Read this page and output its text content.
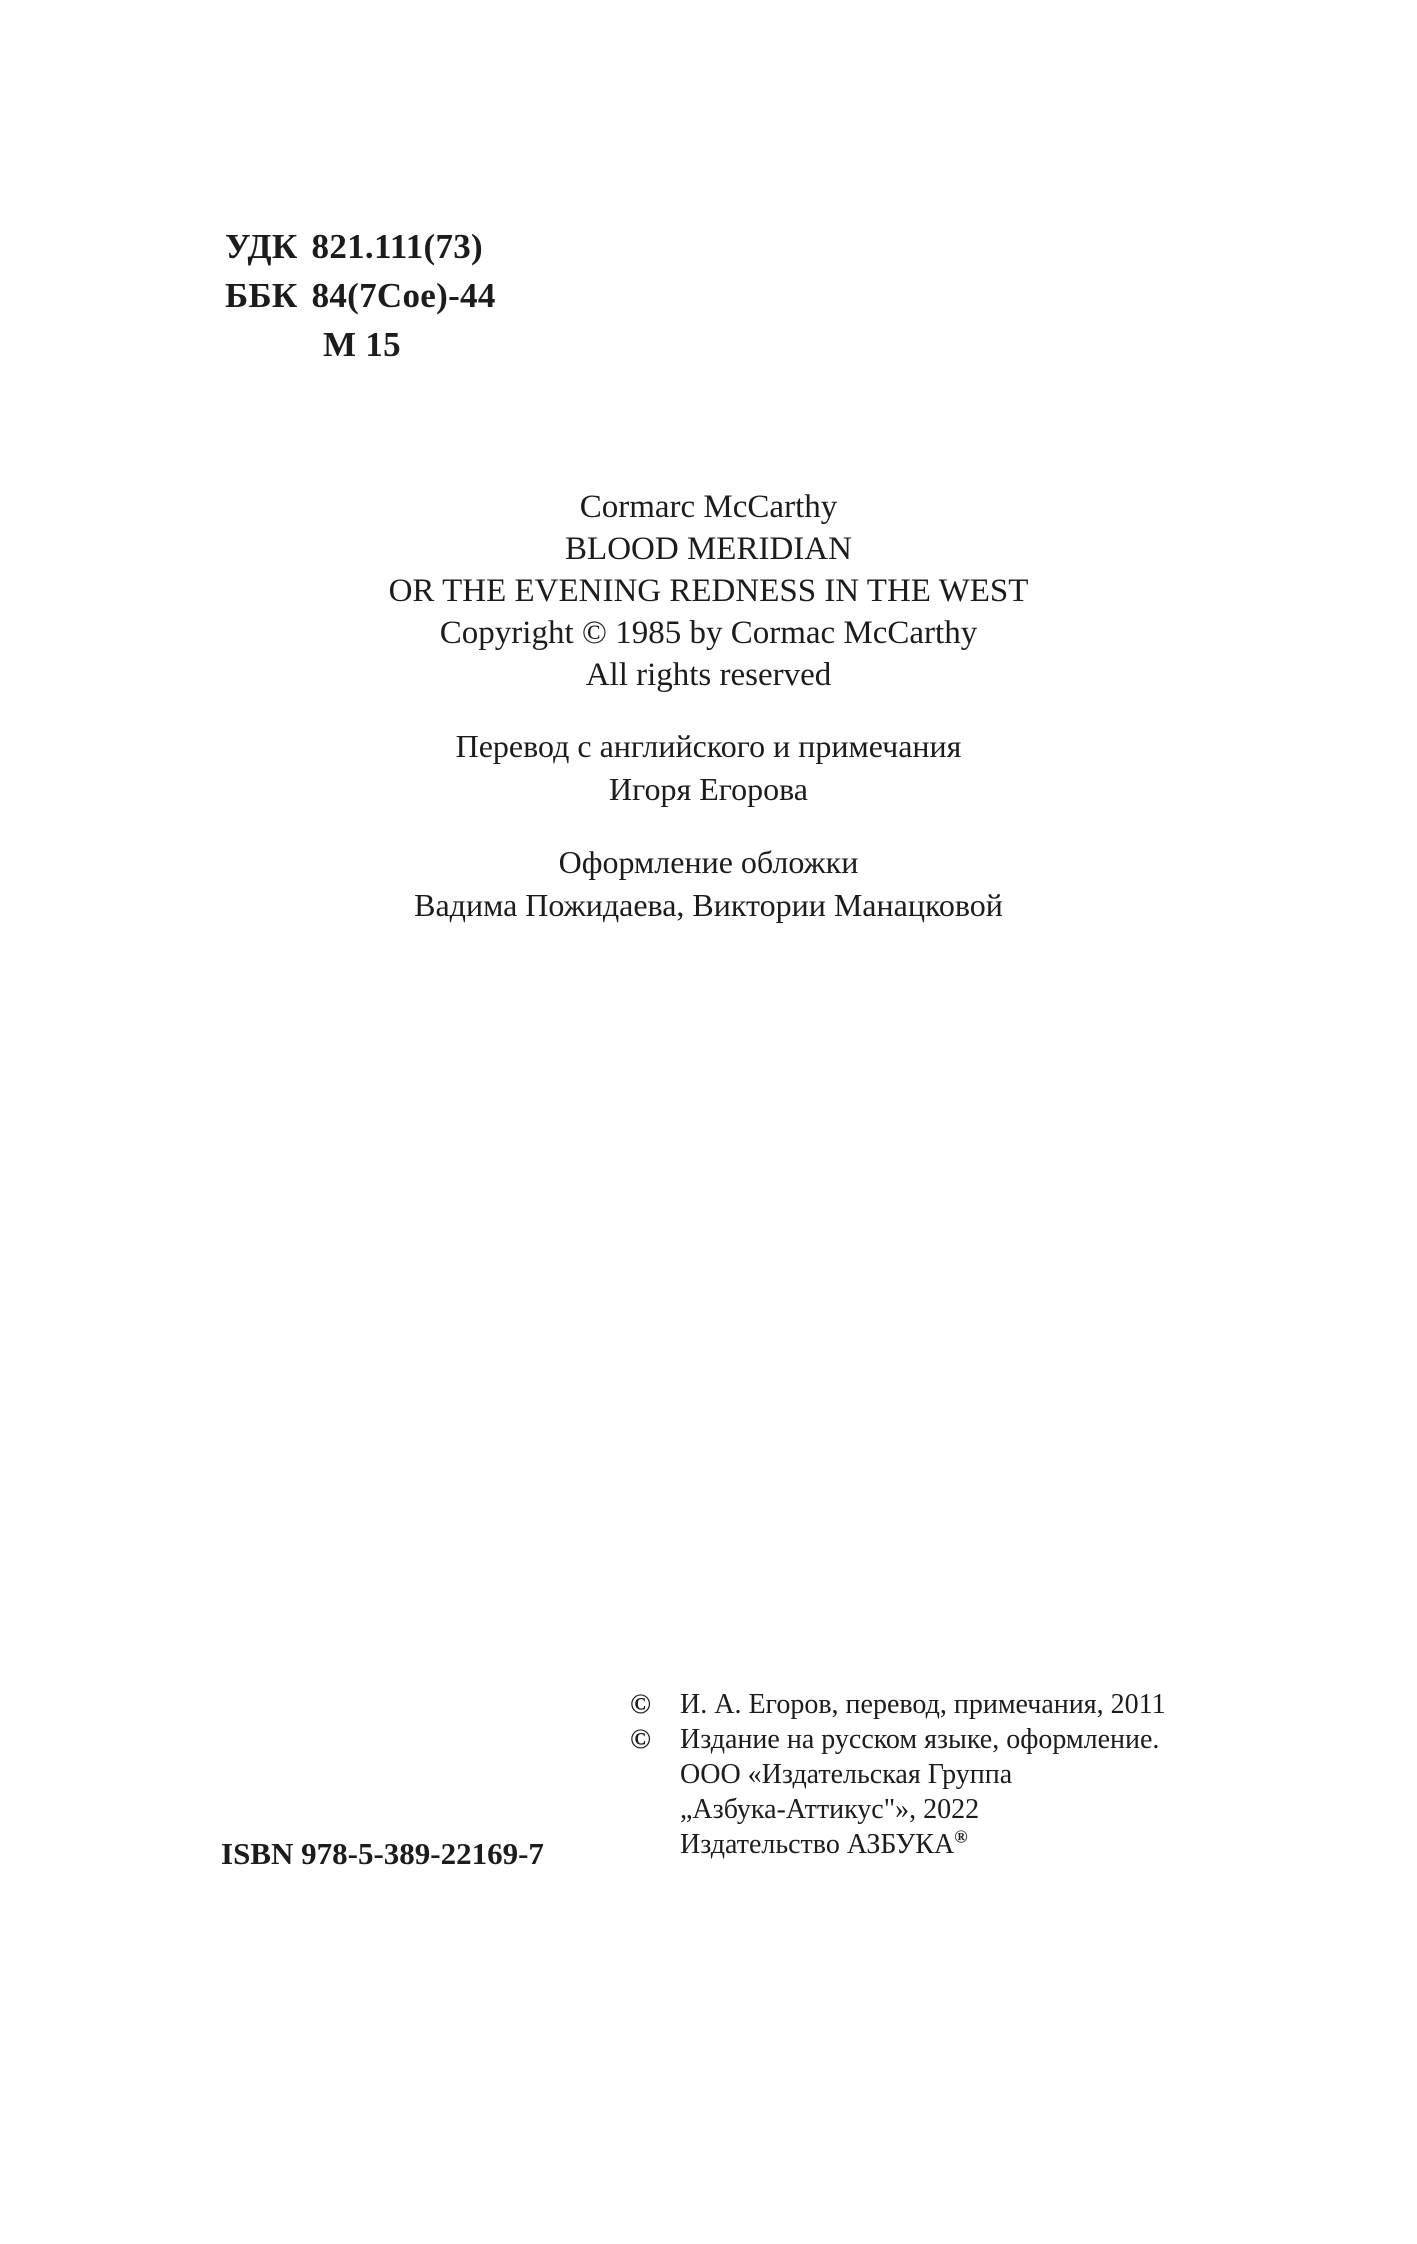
УДК 821.111(73)
ББК 84(7Сое)-44
М 15
Cormarc McCarthy
BLOOD MERIDIAN
OR THE EVENING REDNESS IN THE WEST
Copyright © 1985 by Cormac McCarthy
All rights reserved
Перевод с английского и примечания
Игоря Егорова
Оформление обложки
Вадима Пожидаева, Виктории Манацковой
© И. А. Егоров, перевод, примечания, 2011
© Издание на русском языке, оформление.
ООО «Издательская Группа
„Азбука-Аттикус"», 2022
Издательство АЗБУКА®
ISBN 978-5-389-22169-7
